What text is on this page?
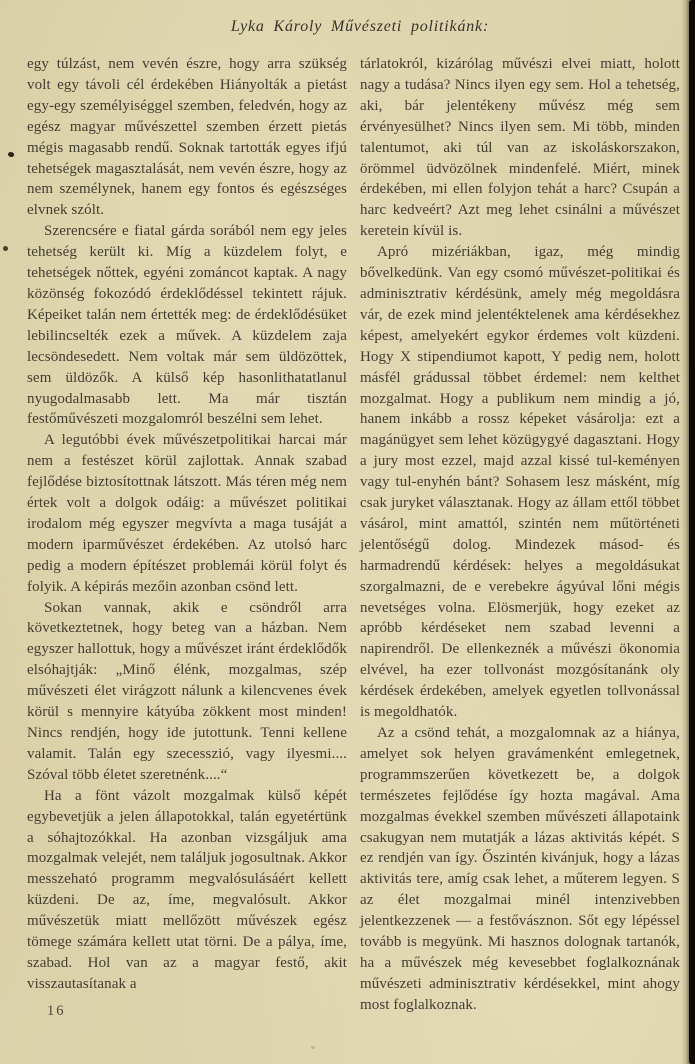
Lyka Károly Művészeti politikánk:

egy túlzást, nem vevén észre, hogy arra szükség volt egy távoli cél érdekében Hiányolták a pietást egy-egy személyiséggel szemben, feledvén, hogy az egész magyar művészettel szemben érzett pietás mégis magasabb rendű. Soknak tartották egyes ifjú tehetségek magasztalását, nem vevén észre, hogy az nem személynek, hanem egy fontos és egészséges elvnek szólt.

Szerencsére e fiatal gárda sorából nem egy jeles tehetség került ki. Míg a küzdelem folyt, e tehetségek nőttek, egyéni zománcot kaptak. A nagy közönség fokozódó érdeklődéssel tekintett rájuk. Képeiket talán nem értették meg: de érdeklődésüket lebilincselték ezek a művek. A küzdelem zaja lecsöndesedett. Nem voltak már sem üldözöttek, sem üldözők. A külső kép hasonlithatatlanul nyugodalmasabb lett. Ma már tisztán festőművészeti mozgalomról beszélni sem lehet.

A legutóbbi évek művészetpolitikai harcai már nem a festészet körül zajlottak. Annak szabad fejlődése biztosítottnak látszott. Más téren még nem értek volt a dolgok odáig: a művészet politikai irodalom még egyszer megvívta a maga tusáját a modern iparművészet érdekében. Az utolsó harc pedig a modern építészet problemái körül folyt és folyik. A képirás mezőin azonban csönd lett.

Sokan vannak, akik e csöndről arra következtetnek, hogy beteg van a házban. Nem egyszer hallottuk, hogy a művészet iránt érdeklődők elsóhajtják: „Minő élénk, mozgalmas, szép művészeti élet virágzott nálunk a kilencvenes évek körül s mennyire kátyúba zökkent most minden! Nincs rendjén, hogy ide jutottunk. Tenni kellene valamit. Talán egy szecesszió, vagy ilyesmi.... Szóval több életet szeretnénk....“

Ha a fönt vázolt mozgalmak külső képét egybevetjük a jelen állapotokkal, talán egyetértünk a sóhajtozókkal. Ha azonban vizsgáljuk ama mozgalmak velejét, nem találjuk jogosultnak. Akkor messzeható programm megvalósulásáért kellett küzdeni. De az, íme, megvalósult. Akkor művészetük miatt mellőzött művészek egész tömege számára kellett utat törni. De a pálya, íme, szabad. Hol van az a magyar festő, akit visszautasítanak a

tárlatokról, kizárólag művészi elvei miatt, holott nagy a tudása? Nincs ilyen egy sem. Hol a tehetség, aki, bár jelentékeny művész még sem érvényesülhet? Nincs ilyen sem. Mi több, minden talentumot, aki túl van az iskoláskorszakon, örömmel üdvözölnek mindenfelé. Miért, minek érdekében, mi ellen folyjon tehát a harc? Csupán a harc kedveért? Azt meg lehet csinálni a művészet keretein kívül is.

Apró mizériákban, igaz, még mindig bővelkedünk. Van egy csomó művészet-politikai és adminisztrativ kérdésünk, amely még megoldásra vár, de ezek mind jelentéktelenek ama kérdésekhez képest, amelyekért egykor érdemes volt küzdeni. Hogy X stipendiumot kapott, Y pedig nem, holott másfél grádussal többet érdemel: nem kelthet mozgalmat. Hogy a publikum nem mindig a jó, hanem inkább a rossz képeket vásárolja: ezt a magánügyet sem lehet közügygyé dagasztani. Hogy a jury most ezzel, majd azzal kissé tul-keményen vagy tul-enyhén bánt? Sohasem lesz másként, míg csak juryket választanak. Hogy az állam ettől többet vásárol, mint amattól, szintén nem műtörténeti jelentőségű dolog. Mindezek másod- és harmadrendű kérdések: helyes a megoldásukat szorgalmazni, de e verebekre ágyúval lőni mégis nevetséges volna. Elösmerjük, hogy ezeket az apróbb kérdéseket nem szabad levenni a napirendről. De ellenkeznék a művészi ökonomia elvével, ha ezer tollvonást mozgósítanánk oly kérdések érdekében, amelyek egyetlen tollvonással is megoldhatók.

Az a csönd tehát, a mozgalomnak az a hiánya, amelyet sok helyen gravámenként emlegetnek, programmszerűen következett be, a dolgok természetes fejlődése így hozta magával. Ama mozgalmas évekkel szemben művészeti állapotaink csakugyan nem mutatják a lázas aktivitás képét. S ez rendjén van így. Őszintén kivánjuk, hogy a lázas aktivitás tere, amíg csak lehet, a műterem legyen. S az élet mozgalmai minél intenzivebben jelentkezzenek — a festővásznon. Sőt egy lépéssel tovább is megyünk. Mi hasznos dolognak tartanók, ha a művészek még kevesebbet foglalkoznának művészeti adminisztrativ kérdésekkel, mint ahogy most foglalkoznak.

16
